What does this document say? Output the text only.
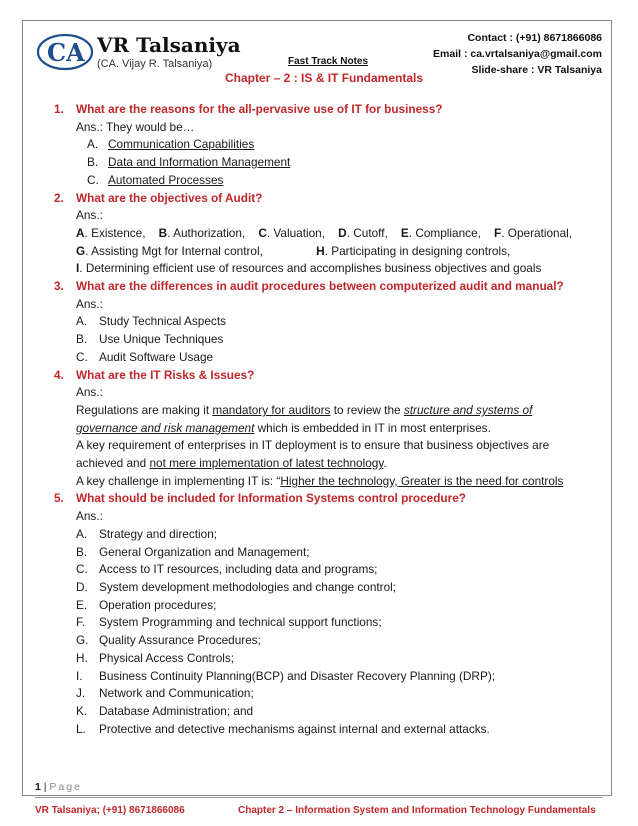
CA VR Talsaniya
(CA. Vijay R. Talsaniya)	Fast Track Notes
Chapter – 2 : IS & IT Fundamentals
Contact : (+91) 8671866086
Email : ca.vrtalsaniya@gmail.com
Slide-share : VR Talsaniya
1. What are the reasons for the all-pervasive use of IT for business?
Ans.: They would be…
A. Communication Capabilities
B. Data and Information Management
C. Automated Processes
2. What are the objectives of Audit?
Ans.:
A. Existence, B. Authorization, C. Valuation, D. Cutoff, E. Compliance, F. Operational,
G. Assisting Mgt for Internal control,	H. Participating in designing controls,
I. Determining efficient use of resources and accomplishes business objectives and goals
3. What are the differences in audit procedures between computerized audit and manual?
Ans.:
A. Study Technical Aspects
B. Use Unique Techniques
C. Audit Software Usage
4. What are the IT Risks & Issues?
Ans.:
Regulations are making it mandatory for auditors to review the structure and systems of governance and risk management which is embedded in IT in most enterprises.
A key requirement of enterprises in IT deployment is to ensure that business objectives are achieved and not mere implementation of latest technology.
A key challenge in implementing IT is: “Higher the technology, Greater is the need for controls
5. What should be included for Information Systems control procedure?
Ans.:
A. Strategy and direction;
B. General Organization and Management;
C. Access to IT resources, including data and programs;
D. System development methodologies and change control;
E. Operation procedures;
F. System Programming and technical support functions;
G. Quality Assurance Procedures;
H. Physical Access Controls;
I. Business Continuity Planning(BCP) and Disaster Recovery Planning (DRP);
J. Network and Communication;
K. Database Administration; and
L. Protective and detective mechanisms against internal and external attacks.
1 | Page
VR Talsaniya; (+91) 8671866086	Chapter 2 – Information System and Information Technology Fundamentals
